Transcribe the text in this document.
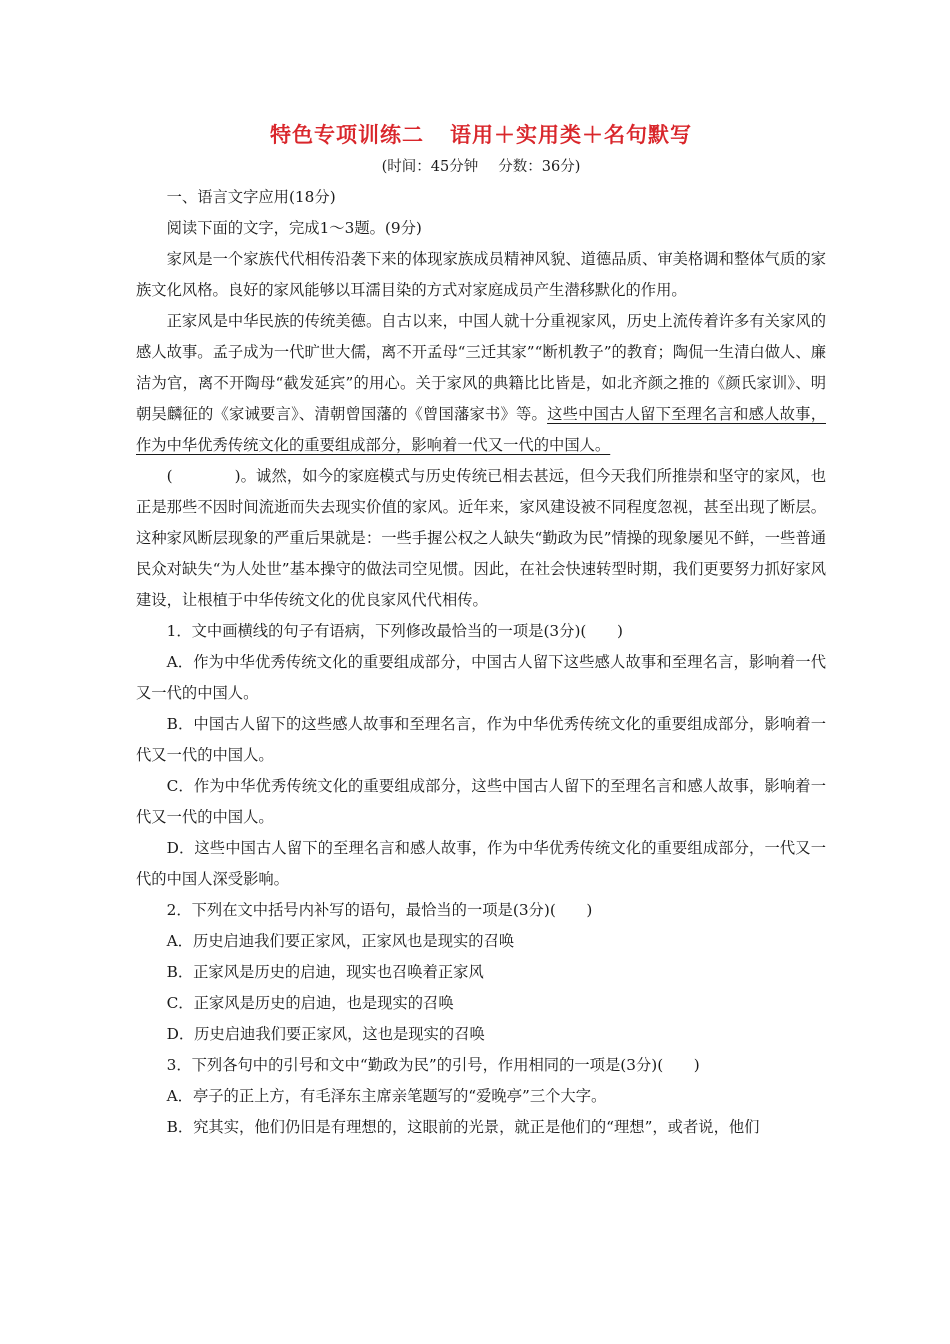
特色专项训练二 语用＋实用类＋名句默写
(时间：45分钟 分数：36分)

一、语言文字应用(18分)

阅读下面的文字，完成1～3题。(9分)

家风是一个家族代代相传沿袭下来的体现家族成员精神风貌、道德品质、审美格调和整体气质的家族文化风格。良好的家风能够以耳濡目染的方式对家庭成员产生潜移默化的作用。

正家风是中华民族的传统美德。自古以来，中国人就十分重视家风，历史上流传着许多有关家风的感人故事。孟子成为一代旷世大儒，离不开孟母“三迁其家”“断机教子”的教育；陶侃一生清白做人、廉洁为官，离不开陶母“截发延宾”的用心。关于家风的典籍比比皆是，如北齐颜之推的《颜氏家训》、明朝吴麟征的《家诫要言》、清朝曾国藩的《曾国藩家书》等。这些中国古人留下至理名言和感人故事，作为中华优秀传统文化的重要组成部分，影响着一代又一代的中国人。

(	)。诚然，如今的家庭模式与历史传统已相去甚远，但今天我们所推崇和坚守的家风，也正是那些不因时间流逝而失去现实价值的家风。近年来，家风建设被不同程度忽视，甚至出现了断层。这种家风断层现象的严重后果就是：一些手握公权之人缺失“勤政为民”情操的现象屡见不鲜，一些普通民众对缺失“为人处世”基本操守的做法司空见惯。因此，在社会快速转型时期，我们更要努力抓好家风建设，让根植于中华传统文化的优良家风代代相传。

1．文中画横线的句子有语病，下列修改最恰当的一项是(3分)(　　)

A．作为中华优秀传统文化的重要组成部分，中国古人留下这些感人故事和至理名言，影响着一代又一代的中国人。

B．中国古人留下的这些感人故事和至理名言，作为中华优秀传统文化的重要组成部分，影响着一代又一代的中国人。

C．作为中华优秀传统文化的重要组成部分，这些中国古人留下的至理名言和感人故事，影响着一代又一代的中国人。

D．这些中国古人留下的至理名言和感人故事，作为中华优秀传统文化的重要组成部分，一代又一代的中国人深受影响。

2．下列在文中括号内补写的语句，最恰当的一项是(3分)(　　)

A．历史启迪我们要正家风，正家风也是现实的召唤

B．正家风是历史的启迪，现实也召唤着正家风

C．正家风是历史的启迪，也是现实的召唤

D．历史启迪我们要正家风，这也是现实的召唤

3．下列各句中的引号和文中“勤政为民”的引号，作用相同的一项是(3分)(　　)

A．亭子的正上方，有毛泽东主席亲笔题写的“爱晚亭”三个大字。

B．究其实，他们仍旧是有理想的，这眼前的光景，就正是他们的“理想”，或者说，他们
